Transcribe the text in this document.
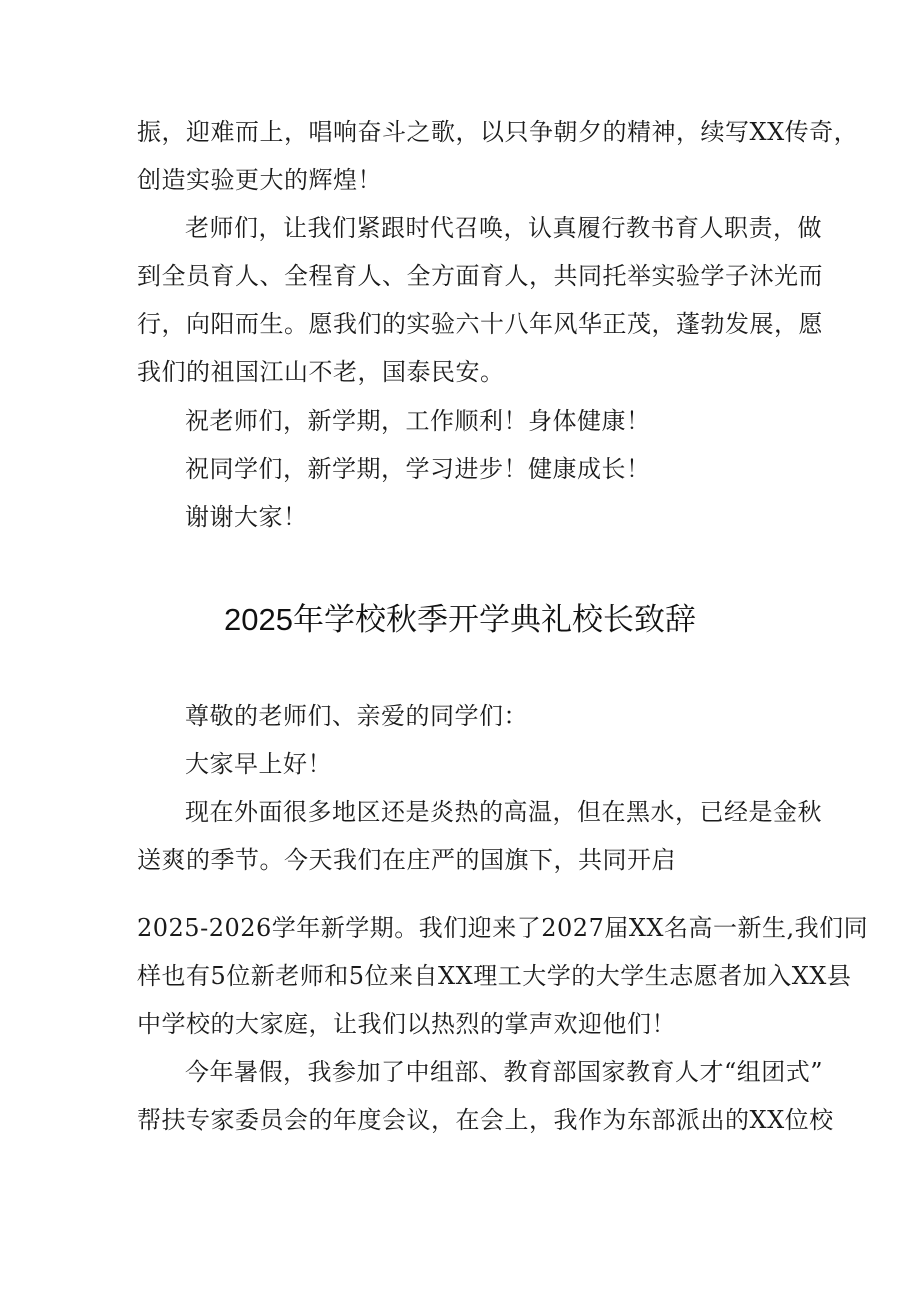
振，迎难而上，唱响奋斗之歌，以只争朝夕的精神，续写XX传奇，
创造实验更大的辉煌！
老师们，让我们紧跟时代召唤，认真履行教书育人职责，做
到全员育人、全程育人、全方面育人，共同托举实验学子沐光而
行，向阳而生。愿我们的实验六十八年风华正茂，蓬勃发展，愿
我们的祖国江山不老，国泰民安。
祝老师们，新学期，工作顺利！身体健康！
祝同学们，新学期，学习进步！健康成长！
谢谢大家！
2025年学校秋季开学典礼校长致辞
尊敬的老师们、亲爱的同学们：
大家早上好！
现在外面很多地区还是炎热的高温，但在黑水，已经是金秋
送爽的季节。今天我们在庄严的国旗下，共同开启
2025-2026学年新学期。我们迎来了2027届XX名高一新生,我们同
样也有5位新老师和5位来自XX理工大学的大学生志愿者加入XX县
中学校的大家庭，让我们以热烈的掌声欢迎他们！
今年暑假，我参加了中组部、教育部国家教育人才“组团式”
帮扶专家委员会的年度会议，在会上，我作为东部派出的XX位校
